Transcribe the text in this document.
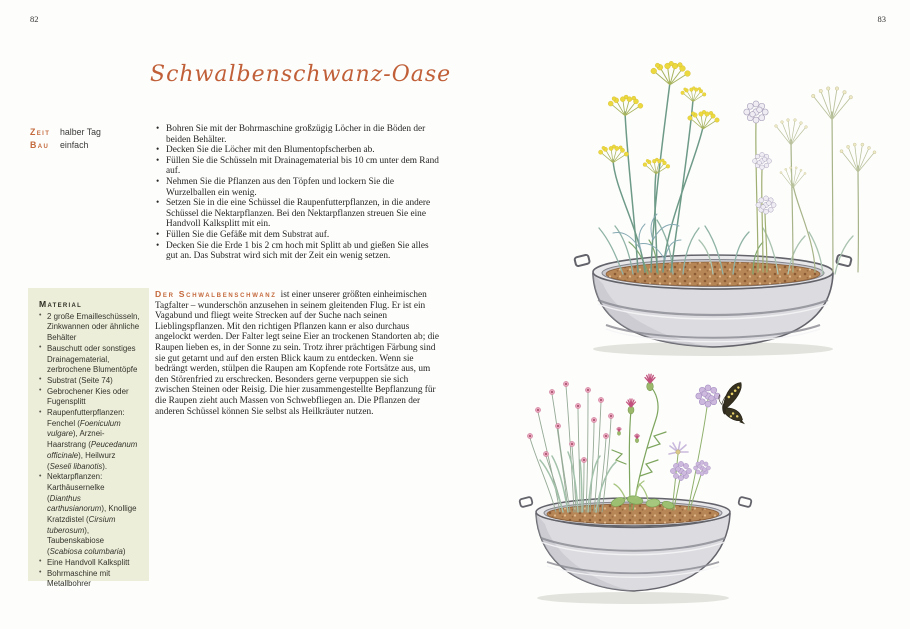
82	83
Schwalbenschwanz-Oase
Zeit halber Tag
Bau einfach
• Bohren Sie mit der Bohrmaschine großzügig Löcher in die Böden der beiden Behälter.
• Decken Sie die Löcher mit den Blumentopfscherben ab.
• Füllen Sie die Schüsseln mit Drainagematerial bis 10 cm unter dem Rand auf.
• Nehmen Sie die Pflanzen aus den Töpfen und lockern Sie die Wurzelballen ein wenig.
• Setzen Sie in die eine Schüssel die Raupenfutterpflanzen, in die andere Schüssel die Nektarpflanzen. Bei den Nektarpflanzen streuen Sie eine Handvoll Kalksplitt mit ein.
• Füllen Sie die Gefäße mit dem Substrat auf.
• Decken Sie die Erde 1 bis 2 cm hoch mit Splitt ab und gießen Sie alles gut an. Das Substrat wird sich mit der Zeit ein wenig setzen.

Der Schwalbenschwanz ist einer unserer größten einheimischen Tagfalter – wunderschön anzusehen in seinem gleitenden Flug. Er ist ein Vagabund und fliegt weite Strecken auf der Suche nach seinen Lieblingspflanzen. Mit den richtigen Pflanzen kann er also durchaus angelockt werden. Der Falter legt seine Eier an trockenen Standorten ab; die Raupen lieben es, in der Sonne zu sein. Trotz ihrer prächtigen Färbung sind sie gut getarnt und auf den ersten Blick kaum zu entdecken. Wenn sie bedrängt werden, stülpen die Raupen am Kopfende rote Fortsätze aus, um den Störenfried zu erschrecken. Besonders gerne verpuppen sie sich zwischen Steinen oder Reisig. Die hier zusammengestellte Bepflanzung für die Raupen zieht auch Massen von Schwebfliegen an. Die Pflanzen der anderen Schüssel können Sie selbst als Heilkräuter nutzen.

Material
• 2 große Emailleschüsseln, Zinkwannen oder ähnliche Behälter
• Bauschutt oder sonstiges Drainagematerial, zerbrochene Blumentöpfe
• Substrat (Seite 74)
• Gebrochener Kies oder Fugensplitt
• Raupenfutterpflanzen: Fenchel (Foeniculum vulgare), Arznei-Haarstrang (Peucedanum officinale), Heilwurz (Seseli libanotis).
• Nektarpflanzen: Karthäusernelke (Dianthus carthusianorum), Knollige Kratzdistel (Cirsium tuberosum), Taubenskabiose (Scabiosa columbaria)
• Eine Handvoll Kalksplitt
• Bohrmaschine mit Metallbohrer
